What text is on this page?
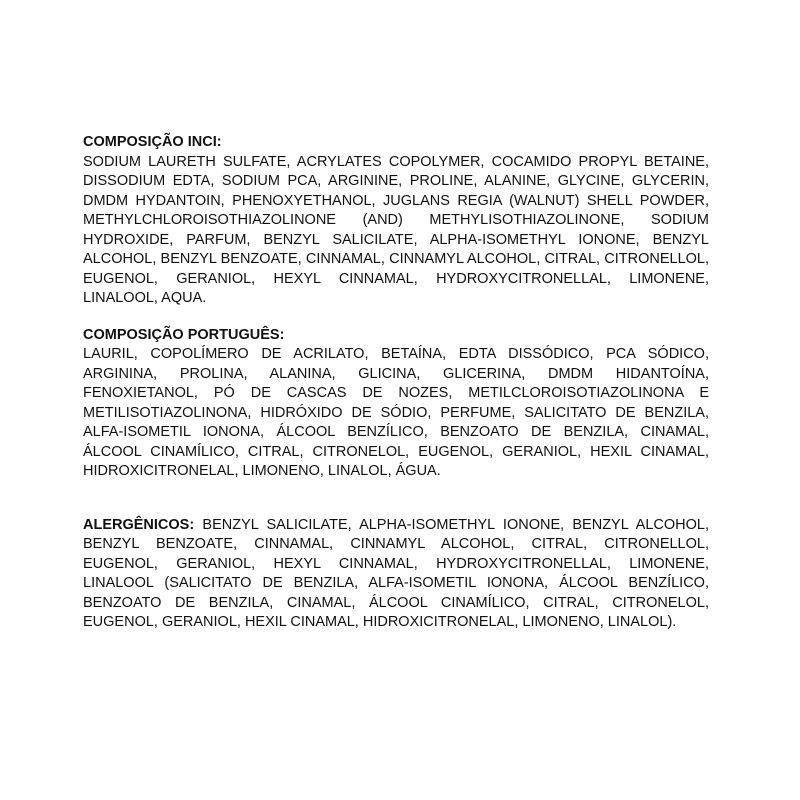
COMPOSIÇÃO INCI:

SODIUM LAURETH SULFATE, ACRYLATES COPOLYMER, COCAMIDO PROPYL BETAINE, DISSODIUM EDTA, SODIUM PCA, ARGININE, PROLINE, ALANINE, GLYCINE, GLYCERIN, DMDM HYDANTOIN, PHENOXYETHANOL, JUGLANS REGIA (WALNUT) SHELL POWDER, METHYLCHLOROISOTHIAZOLINONE (AND) METHYLISOTHIAZOLINONE, SODIUM HYDROXIDE, PARFUM, BENZYL SALICILATE, ALPHA-ISOMETHYL IONONE, BENZYL ALCOHOL, BENZYL BENZOATE, CINNAMAL, CINNAMYL ALCOHOL, CITRAL, CITRONELLOL, EUGENOL, GERANIOL, HEXYL CINNAMAL, HYDROXYCITRONELLAL, LIMONENE, LINALOOL, AQUA.

COMPOSIÇÃO PORTUGUÊS:

LAURIL, COPOLÍMERO DE ACRILATO, BETAÍNA, EDTA DISSÓDICO, PCA SÓDICO, ARGININA, PROLINA, ALANINA, GLICINA, GLICERINA, DMDM HIDANTOÍNA, FENOXIETANOL, PÓ DE CASCAS DE NOZES, METILCLOROISOTIAZOLINONA E METILISOTIAZOLINONA, HIDRÓXIDO DE SÓDIO, PERFUME, SALICITATO DE BENZILA, ALFA-ISOMETIL IONONA, ÁLCOOL BENZÍLICO, BENZOATO DE BENZILA, CINAMAL, ÁLCOOL CINAMÍLICO, CITRAL, CITRONELOL, EUGENOL, GERANIOL, HEXIL CINAMAL, HIDROXICITRONELAL, LIMONENO, LINALOL, ÁGUA.

ALERGÊNICOS: BENZYL SALICILATE, ALPHA-ISOMETHYL IONONE, BENZYL ALCOHOL, BENZYL BENZOATE, CINNAMAL, CINNAMYL ALCOHOL, CITRAL, CITRONELLOL, EUGENOL, GERANIOL, HEXYL CINNAMAL, HYDROXYCITRONELLAL, LIMONENE, LINALOOL (SALICITATO DE BENZILA, ALFA-ISOMETIL IONONA, ÁLCOOL BENZÍLICO, BENZOATO DE BENZILA, CINAMAL, ÁLCOOL CINAMÍLICO, CITRAL, CITRONELOL, EUGENOL, GERANIOL, HEXIL CINAMAL, HIDROXICITRONELAL, LIMONENO, LINALOL).
